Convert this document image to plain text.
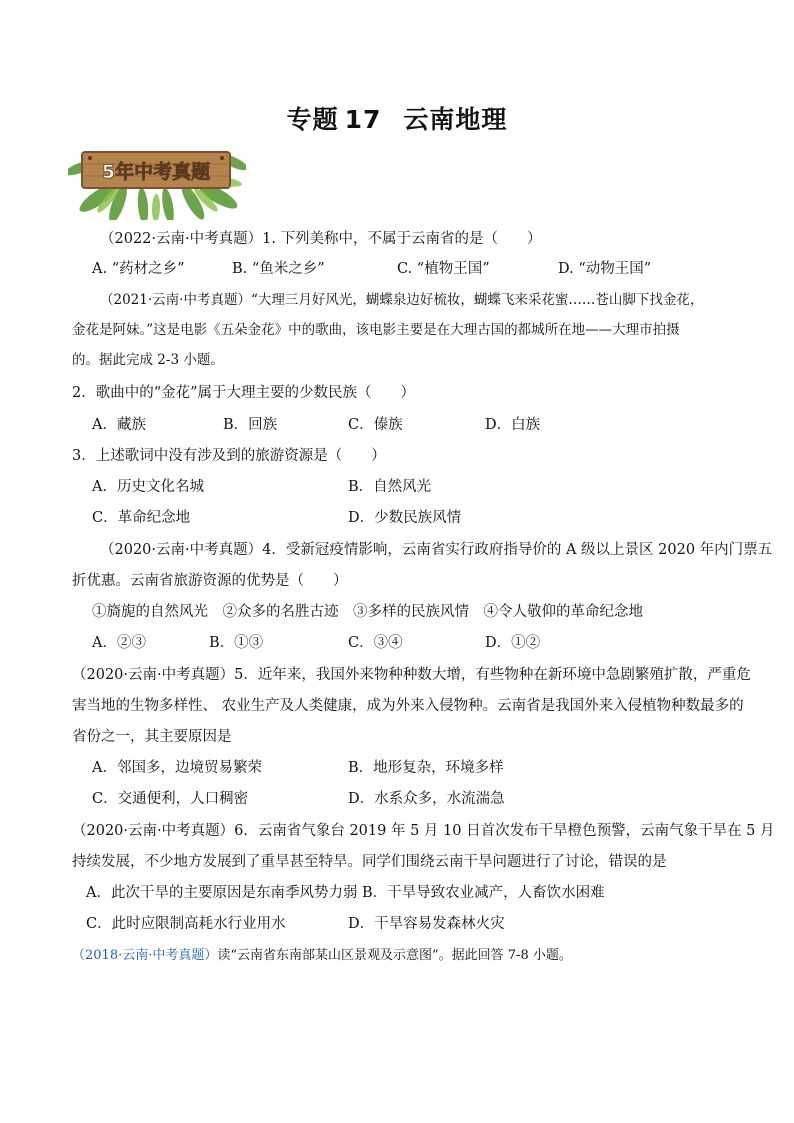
专题 17 云南地理
5年中考真题
（2022·云南·中考真题）1. 下列美称中，不属于云南省的是（　　）
A. “药材之乡”	B. “鱼米之乡”	C. “植物王国”	D. “动物王国”
（2021·云南·中考真题）“大理三月好风光，蝴蝶泉边好梳妆，蝴蝶飞来采花蜜……苍山脚下找金花，
金花是阿妹。”这是电影《五朵金花》中的歌曲，该电影主要是在大理古国的都城所在地——大理市拍摄
的。据此完成 2-3 小题。
2．歌曲中的“金花”属于大理主要的少数民族（　　）
A．藏族	B．回族	C．傣族	D．白族
3．上述歌词中没有涉及到的旅游资源是（　　）
A．历史文化名城	B．自然风光
C．革命纪念地	D．少数民族风情
（2020·云南·中考真题）4．受新冠疫情影响，云南省实行政府指导价的 A 级以上景区 2020 年内门票五
折优惠。云南省旅游资源的优势是（　　）
①旖旎的自然风光　②众多的名胜古迹　③多样的民族风情　④令人敬仰的革命纪念地
A．②③	B．①③	C．③④	D．①②
（2020·云南·中考真题）5．近年来，我国外来物种种数大增，有些物种在新环境中急剧繁殖扩散，严重危
害当地的生物多样性、 农业生产及人类健康，成为外来入侵物种。云南省是我国外来入侵植物种数最多的
省份之一，其主要原因是
A．邻国多，边境贸易繁荣	B．地形复杂，环境多样
C．交通便利，人口稠密	D．水系众多，水流湍急
（2020·云南·中考真题）6．云南省气象台 2019 年 5 月 10 日首次发布干旱橙色预警，云南气象干旱在 5 月
持续发展，不少地方发展到了重旱甚至特旱。同学们围绕云南干旱问题进行了讨论，错误的是
A．此次干旱的主要原因是东南季风势力弱 B．干旱导致农业减产，人畜饮水困难
C．此时应限制高耗水行业用水	D．干旱容易发森林火灾
（2018·云南·中考真题）读“云南省东南部某山区景观及示意图”。据此回答 7-8 小题。
